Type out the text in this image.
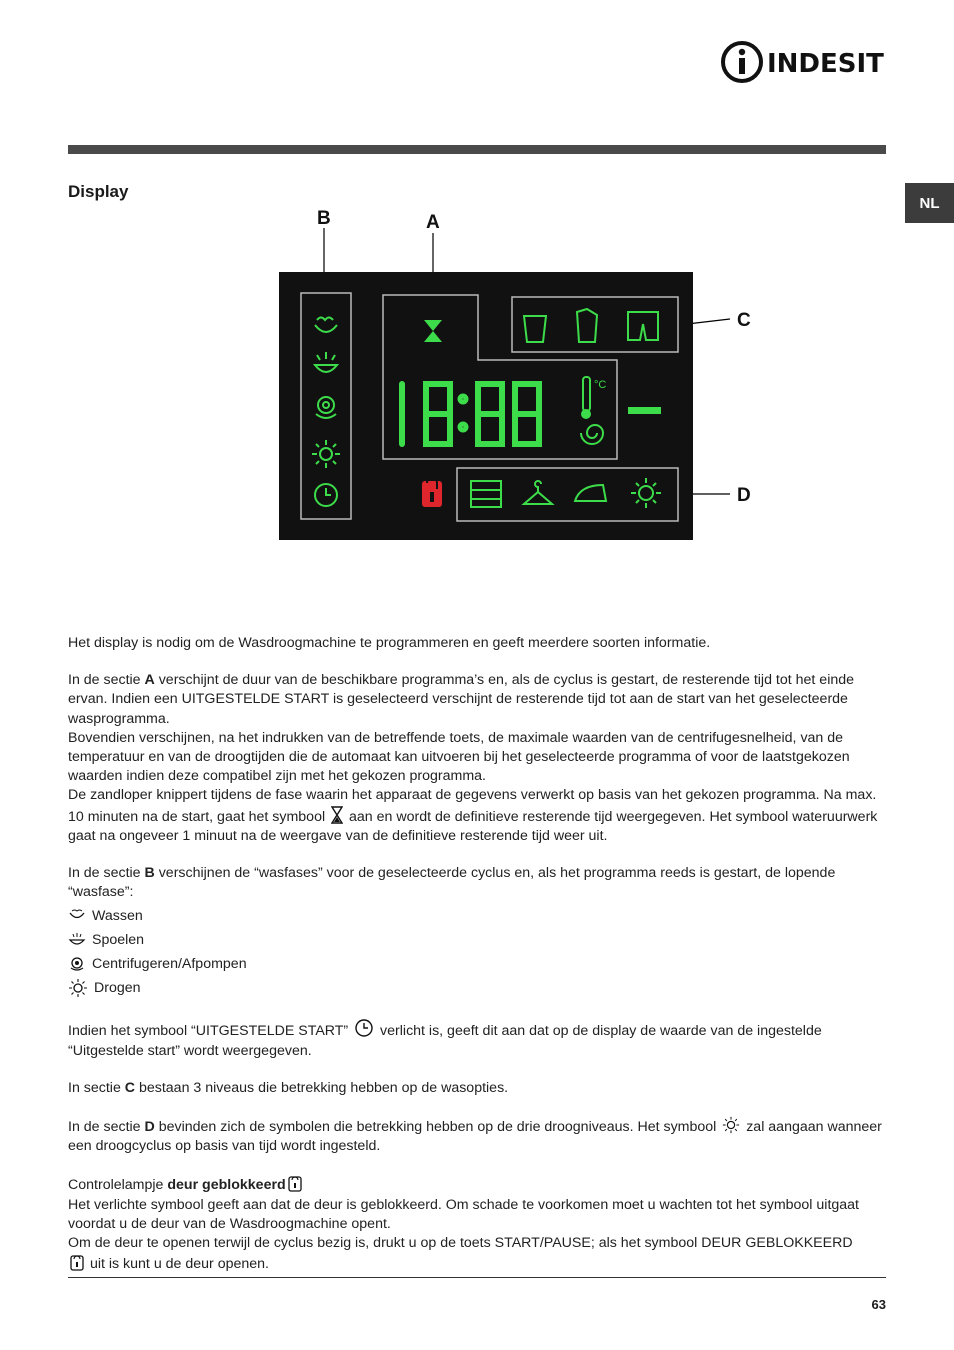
INDESIT
NL
Display
B	A
C
D
18:88
°C

Het display is nodig om de Wasdroogmachine te programmeren en geeft meerdere soorten informatie.

In de sectie A verschijnt de duur van de beschikbare programma’s en, als de cyclus is gestart, de resterende tijd tot het einde ervan. Indien een UITGESTELDE START is geselecteerd verschijnt de resterende tijd tot aan de start van het geselecteerde wasprogramma.

Bovendien verschijnen, na het indrukken van de betreffende toets, de maximale waarden van de centrifugesnelheid, van de temperatuur en van de droogtijden die de automaat kan uitvoeren bij het geselecteerde programma of voor de laatstgekozen waarden indien deze compatibel zijn met het gekozen programma.

De zandloper knippert tijdens de fase waarin het apparaat de gegevens verwerkt op basis van het gekozen programma. Na max. 10 minuten na de start, gaat het symbool  aan en wordt de definitieve resterende tijd weergegeven. Het symbool wateruurwerk gaat na ongeveer 1 minuut na de weergave van de definitieve resterende tijd weer uit.

In de sectie B verschijnen de “wasfases” voor de geselecteerde cyclus en, als het programma reeds is gestart, de lopende “wasfase”:

Wassen
Spoelen
Centrifugeren/Afpompen
Drogen

Indien het symbool “UITGESTELDE START”  verlicht is, geeft dit aan dat op de display de waarde van de ingestelde “Uitgestelde start” wordt weergegeven.

In sectie C bestaan 3 niveaus die betrekking hebben op de wasopties.

In de sectie D bevinden zich de symbolen die betrekking hebben op de drie droogniveaus. Het symbool  zal aangaan wanneer een droogcyclus op basis van tijd wordt ingesteld.

Controlelampje deur geblokkeerd

Het verlichte symbool geeft aan dat de deur is geblokkeerd. Om schade te voorkomen moet u wachten tot het symbool uitgaat voordat u de deur van de Wasdroogmachine opent.

Om de deur te openen terwijl de cyclus bezig is, drukt u op de toets START/PAUSE; als het symbool DEUR GEBLOKKEERD
uit is kunt u de deur openen.

63
